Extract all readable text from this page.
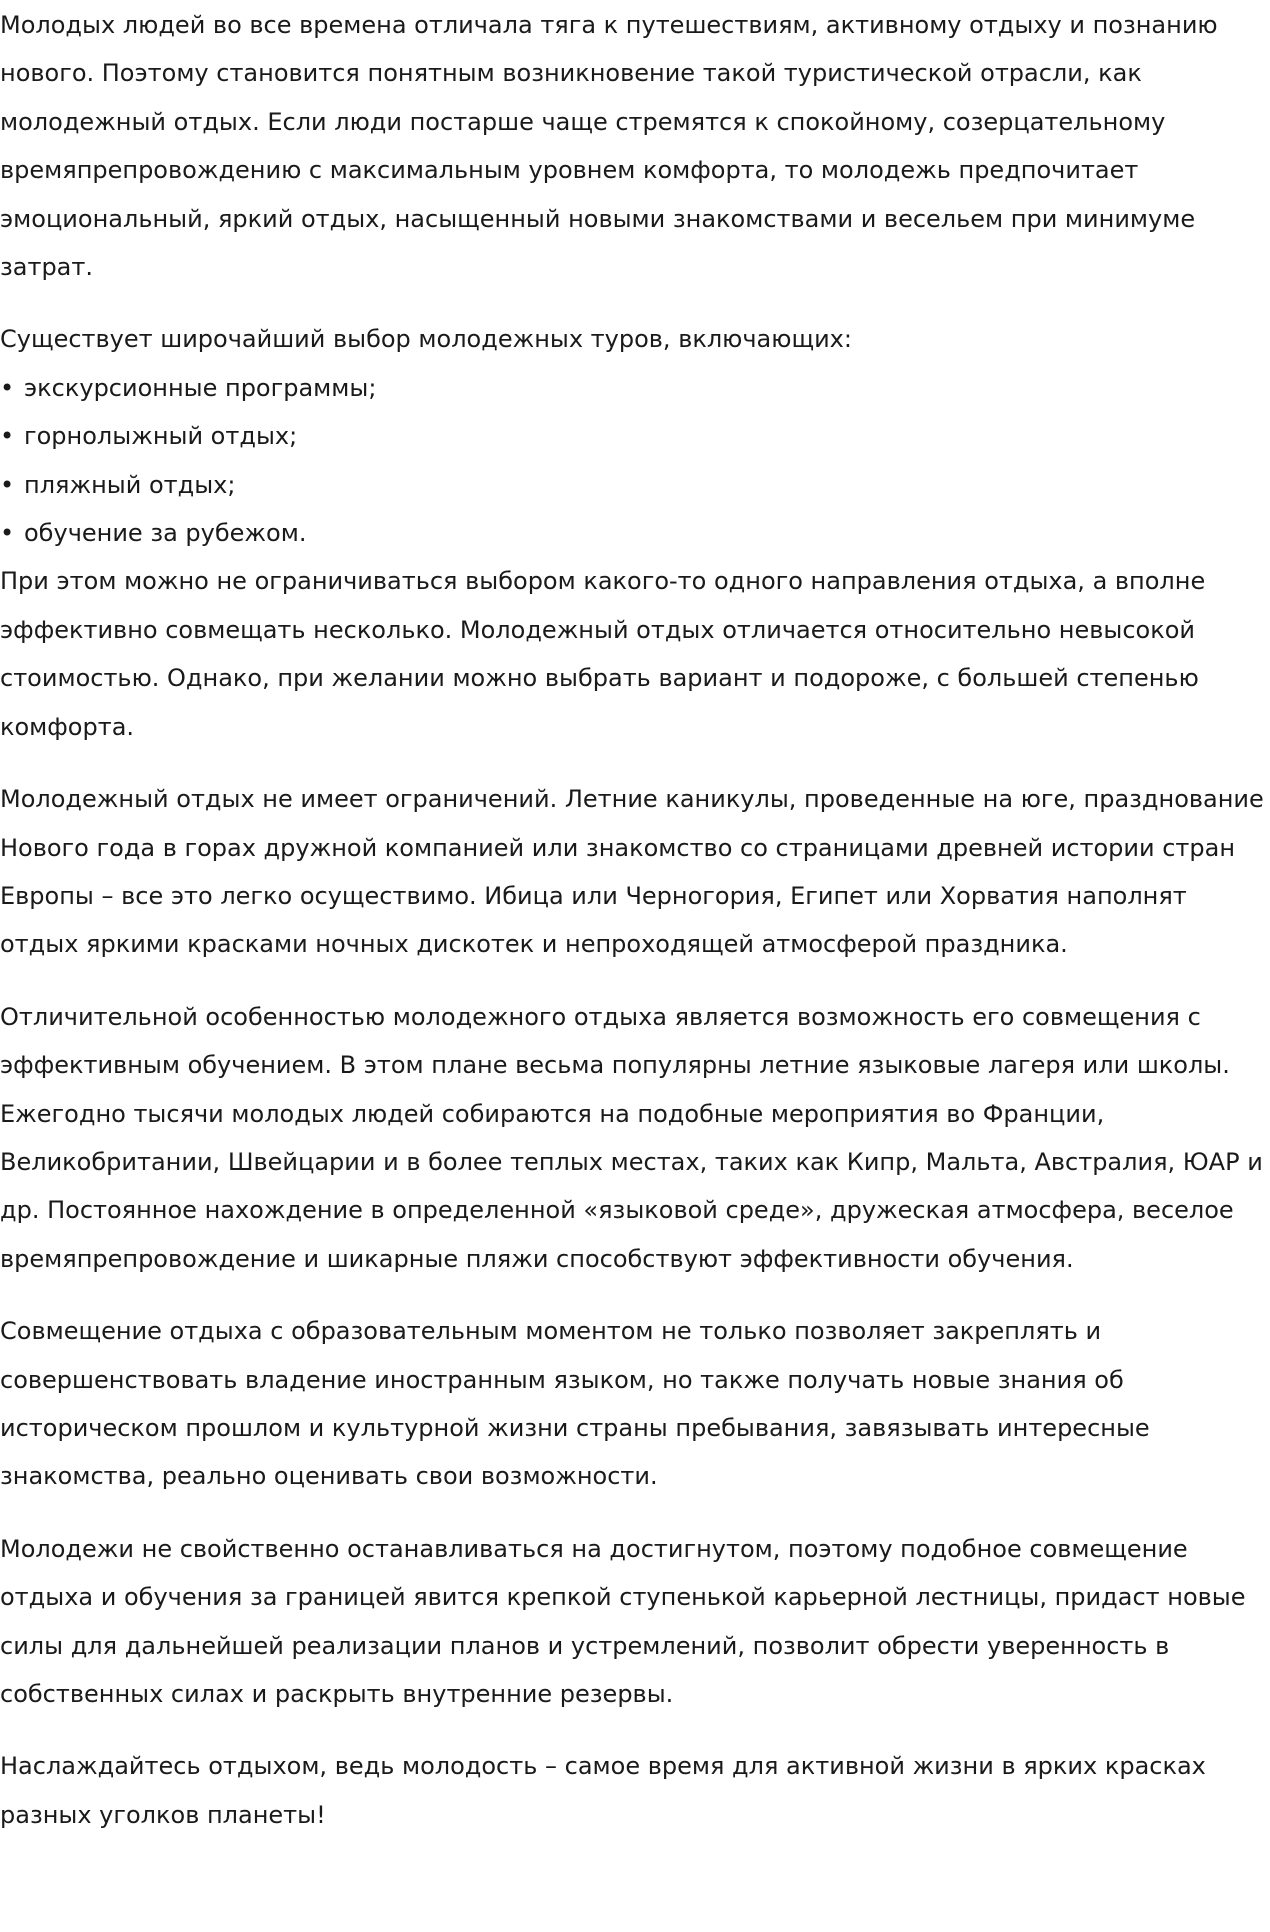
Молодых людей во все времена отличала тяга к путешествиям, активному отдыху и познанию нового. Поэтому становится понятным возникновение такой туристической отрасли, как молодежный отдых. Если люди постарше чаще стремятся к спокойному, созерцательному времяпрепровождению с максимальным уровнем комфорта, то молодежь предпочитает эмоциональный, яркий отдых, насыщенный новыми знакомствами и весельем при минимуме затрат.

Существует широчайший выбор молодежных туров, включающих:

• экскурсионные программы;
• горнолыжный отдых;
• пляжный отдых;
• обучение за рубежом.

При этом можно не ограничиваться выбором какого-то одного направления отдыха, а вполне эффективно совмещать несколько. Молодежный отдых отличается относительно невысокой стоимостью. Однако, при желании можно выбрать вариант и подороже, с большей степенью комфорта.

Молодежный отдых не имеет ограничений. Летние каникулы, проведенные на юге, празднование Нового года в горах дружной компанией или знакомство со страницами древней истории стран Европы – все это легко осуществимо. Ибица или Черногория, Египет или Хорватия наполнят отдых яркими красками ночных дискотек и непроходящей атмосферой праздника.

Отличительной особенностью молодежного отдыха является возможность его совмещения с эффективным обучением. В этом плане весьма популярны летние языковые лагеря или школы. Ежегодно тысячи молодых людей собираются на подобные мероприятия во Франции, Великобритании, Швейцарии и в более теплых местах, таких как Кипр, Мальта, Австралия, ЮАР и др. Постоянное нахождение в определенной «языковой среде», дружеская атмосфера, веселое времяпрепровождение и шикарные пляжи способствуют эффективности обучения.

Совмещение отдыха с образовательным моментом не только позволяет закреплять и совершенствовать владение иностранным языком, но также получать новые знания об историческом прошлом и культурной жизни страны пребывания, завязывать интересные знакомства, реально оценивать свои возможности.

Молодежи не свойственно останавливаться на достигнутом, поэтому подобное совмещение отдыха и обучения за границей явится крепкой ступенькой карьерной лестницы, придаст новые силы для дальнейшей реализации планов и устремлений, позволит обрести уверенность в собственных силах и раскрыть внутренние резервы.

Наслаждайтесь отдыхом, ведь молодость – самое время для активной жизни в ярких красках разных уголков планеты!
